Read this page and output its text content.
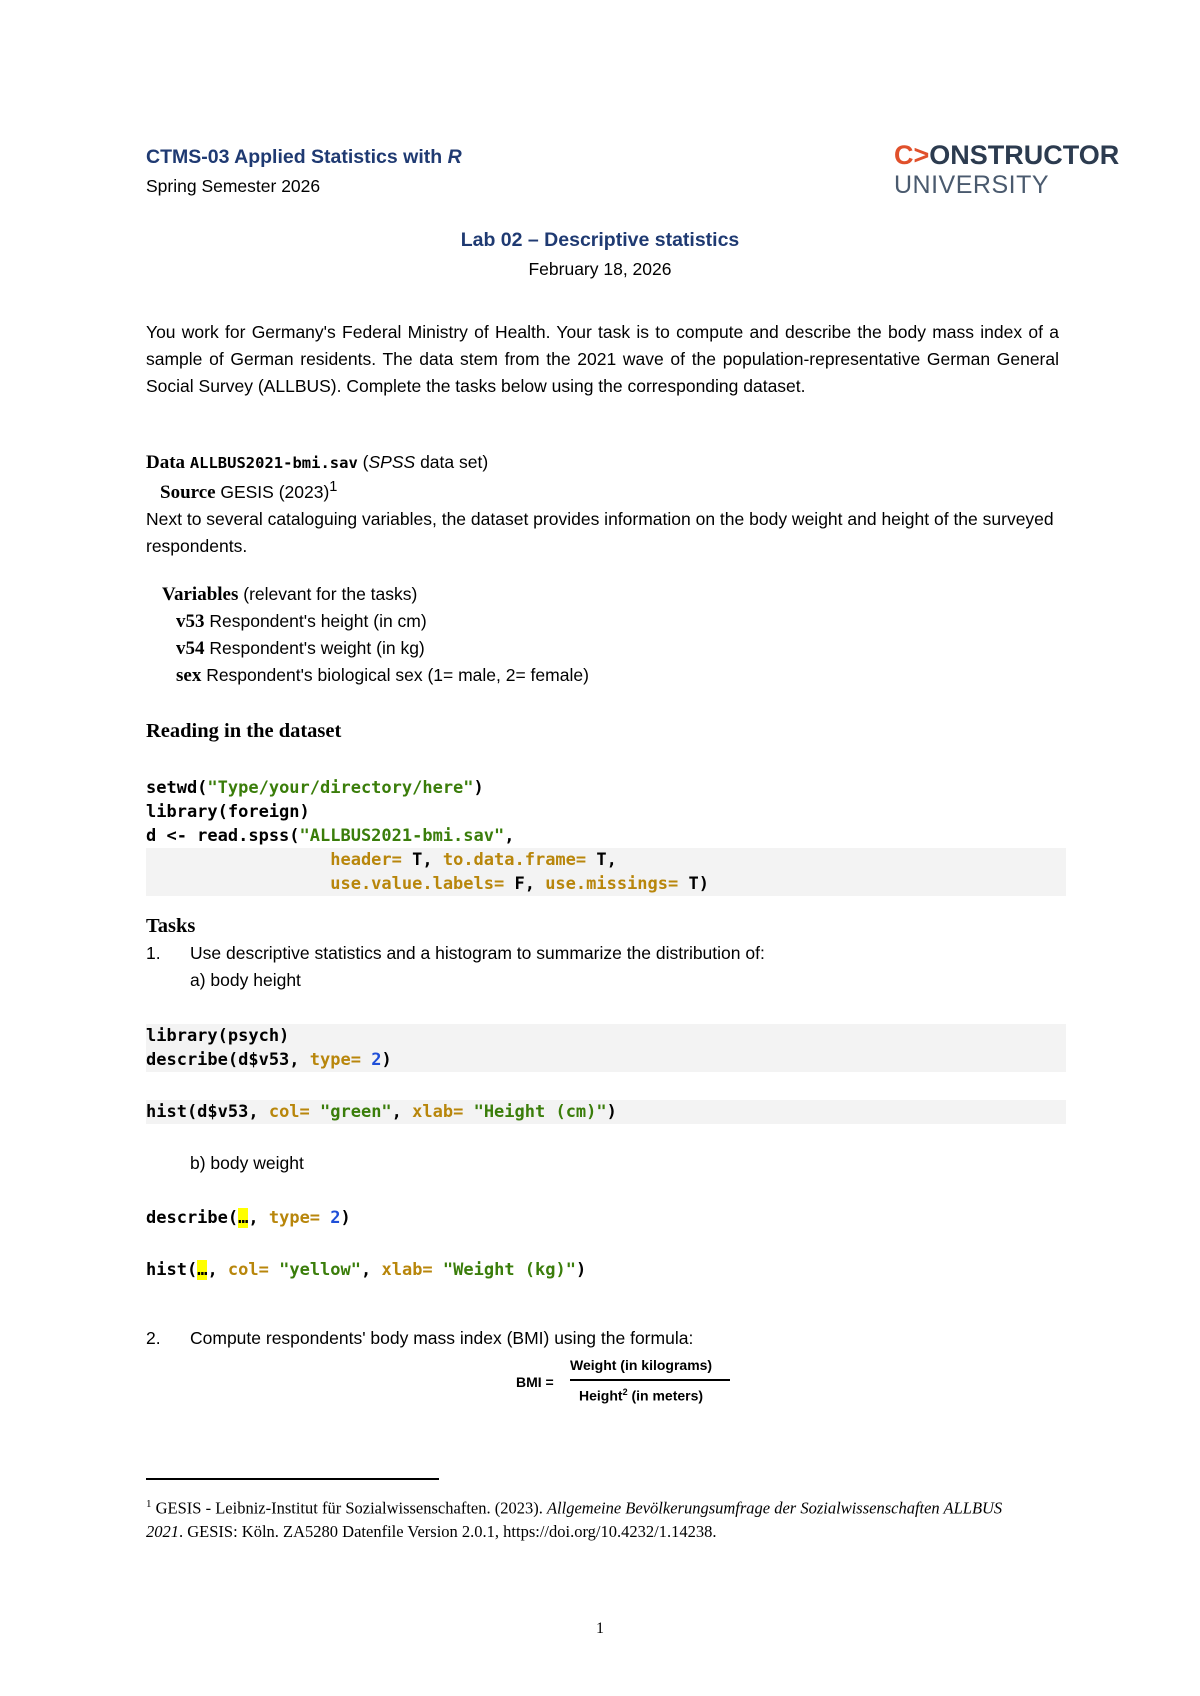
CTMS-03 Applied Statistics with R
Spring Semester 2026
C>ONSTRUCTOR
UNIVERSITY
Lab 02 – Descriptive statistics
February 18, 2026
You work for Germany's Federal Ministry of Health. Your task is to compute and describe the body mass index of a sample of German residents. The data stem from the 2021 wave of the population-representative German General Social Survey (ALLBUS). Complete the tasks below using the corresponding dataset.
Data ALLBUS2021-bmi.sav (SPSS data set)
Source GESIS $(2023)^1$
Next to several cataloguing variables, the dataset provides information on the body weight and height of the surveyed respondents.
Variables (relevant for the tasks)
v53 Respondent's height (in cm)
v54 Respondent's weight (in kg)
sex Respondent's biological sex (1= male, 2= female)
Reading in the dataset
setwd("Type/your/directory/here")
library(foreign)
d <- read.spss("ALLBUS2021-bmi.sav",
header= T, to.data.frame= T,
use.value.labels= F, use.missings= T)
Tasks
1. Use descriptive statistics and a histogram to summarize the distribution of:
a) body height
library(psych)
describe(d$v53, type= 2)
hist(d$v53, col= "green", xlab= "Height (cm)")
b) body weight
describe(…, type= 2)
hist(…, col= "yellow", xlab= "Weight (kg)")
2. Compute respondents' body mass index (BMI) using the formula:
BMI =
Weight (in kilograms)
Height$^2$ (in meters)
$^1$ GESIS - Leibniz-Institut für Sozialwissenschaften. (2023). Allgemeine Bevölkerungsumfrage der Sozialwissenschaften ALLBUS 2021. GESIS: Köln. ZA5280 Datenfile Version 2.0.1, https://doi.org/10.4232/1.14238.
1
